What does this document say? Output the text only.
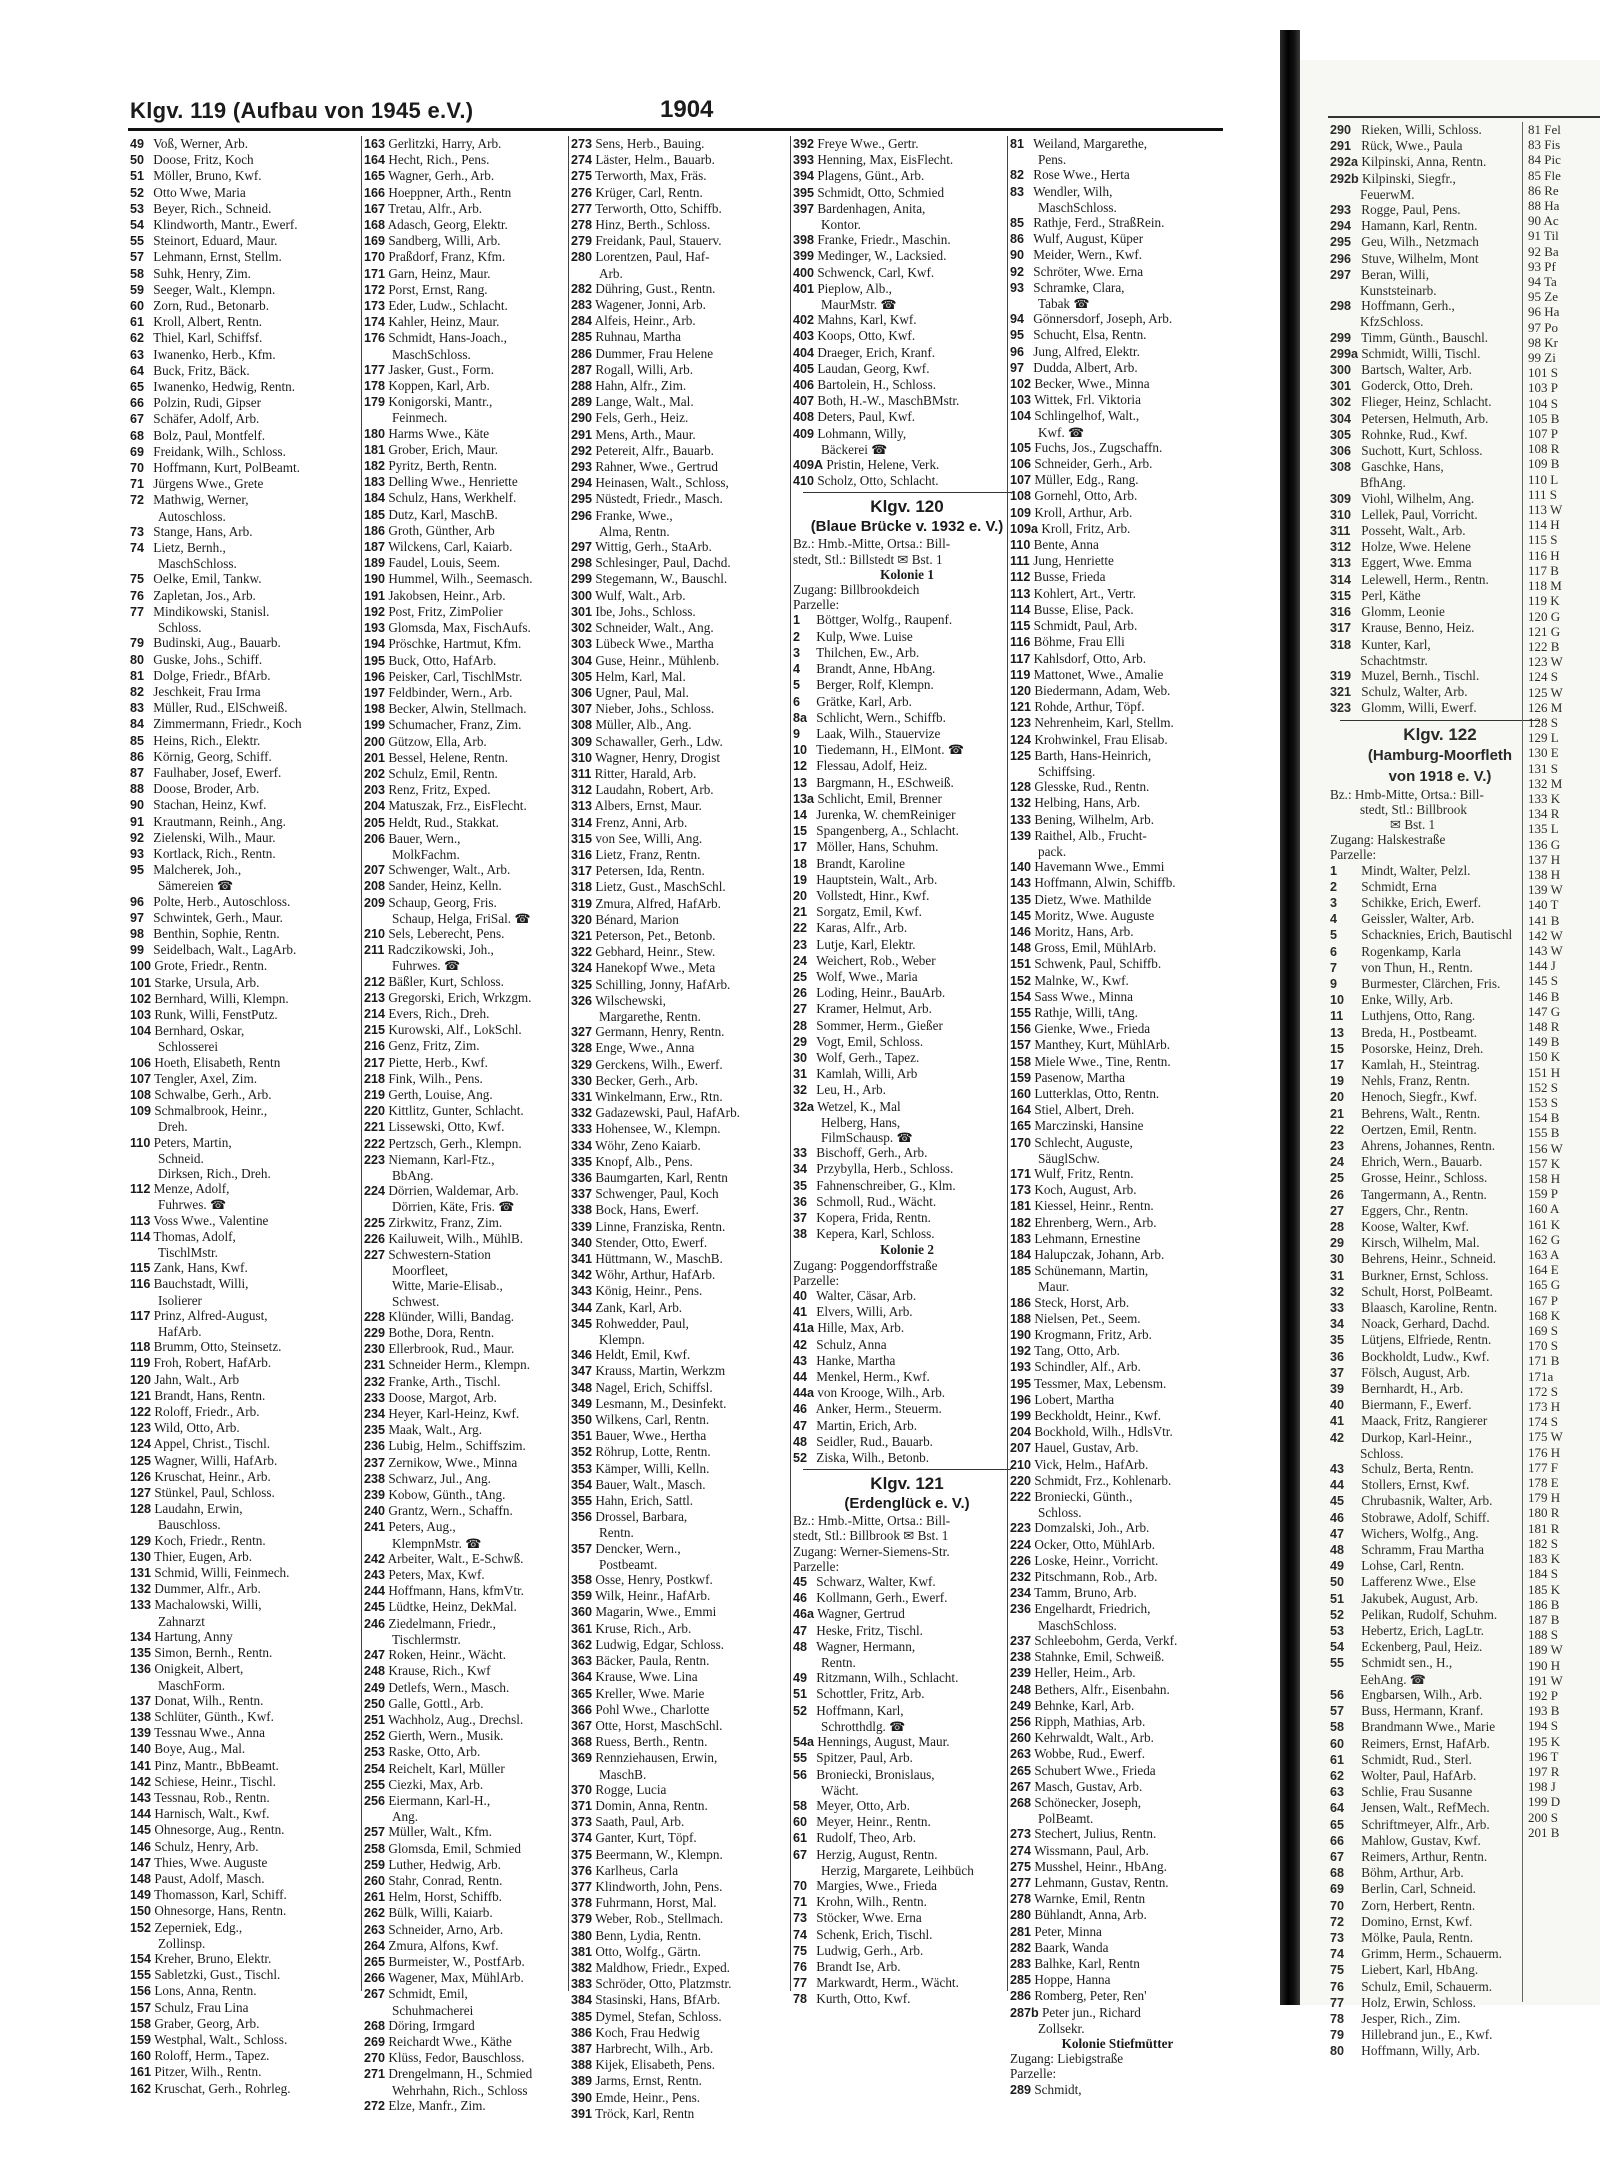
Klgv. 119 (Aufbau von 1945 e.V.)	1904
49 Voß, Werner, Arb.
50 Doose, Fritz, Koch
51 Möller, Bruno, Kwf.
52 Otto Wwe, Maria
53 Beyer, Rich., Schneid.
54 Klindworth, Mantr., Ewerf.
55 Steinort, Eduard, Maur.
57 Lehmann, Ernst, Stellm.
58 Suhk, Henry, Zim.
59 Seeger, Walt., Klempn.
60 Zorn, Rud., Betonarb.
61 Kroll, Albert, Rentn.
62 Thiel, Karl, Schiffsf.
63 Iwanenko, Herb., Kfm.
64 Buck, Fritz, Bäck.
65 Iwanenko, Hedwig, Rentn.
66 Polzin, Rudi, Gipser
67 Schäfer, Adolf, Arb.
68 Bolz, Paul, Montfelf.
69 Freidank, Wilh., Schloss.
70 Hoffmann, Kurt, PolBeamt.
71 Jürgens Wwe., Grete
72 Mathwig, Werner,
Autoschloss.
73 Stange, Hans, Arb.
74 Lietz, Bernh.,
MaschSchloss.
75 Oelke, Emil, Tankw.
76 Zapletan, Jos., Arb.
77 Mindikowski, Stanisl.
Schloss.
79 Budinski, Aug., Bauarb.
80 Guske, Johs., Schiff.
81 Dolge, Friedr., BfArb.
82 Jeschkeit, Frau Irma
83 Müller, Rud., ElSchweiß.
84 Zimmermann, Friedr., Koch
85 Heins, Rich., Elektr.
86 Körnig, Georg, Schiff.
87 Faulhaber, Josef, Ewerf.
88 Doose, Broder, Arb.
90 Stachan, Heinz, Kwf.
91 Krautmann, Reinh., Ang.
92 Zielenski, Wilh., Maur.
93 Kortlack, Rich., Rentn.
95 Malcherek, Joh.,
Sämereien ☎
96 Polte, Herb., Autoschloss.
97 Schwintek, Gerh., Maur.
98 Benthin, Sophie, Rentn.
99 Seidelbach, Walt., LagArb.
100 Grote, Friedr., Rentn.
101 Starke, Ursula, Arb.
102 Bernhard, Willi, Klempn.
103 Runk, Willi, FenstPutz.
104 Bernhard, Oskar,
Schlosserei
106 Hoeth, Elisabeth, Rentn
107 Tengler, Axel, Zim.
108 Schwalbe, Gerh., Arb.
109 Schmalbrook, Heinr.,
Dreh.
110 Peters, Martin,
Schneid.
Dirksen, Rich., Dreh.
112 Menze, Adolf,
Fuhrwes. ☎
113 Voss Wwe., Valentine
114 Thomas, Adolf,
TischlMstr.
115 Zank, Hans, Kwf.
116 Bauchstadt, Willi,
Isolierer
117 Prinz, Alfred-August,
HafArb.
118 Brumm, Otto, Steinsetz.
119 Froh, Robert, HafArb.
120 Jahn, Walt., Arb
121 Brandt, Hans, Rentn.
122 Roloff, Friedr., Arb.
123 Wild, Otto, Arb.
124 Appel, Christ., Tischl.
125 Wagner, Willi, HafArb.
126 Kruschat, Heinr., Arb.
127 Stünkel, Paul, Schloss.
128 Laudahn, Erwin,
Bauschloss.
129 Koch, Friedr., Rentn.
130 Thier, Eugen, Arb.
131 Schmid, Willi, Feinmech.
132 Dummer, Alfr., Arb.
133 Machalowski, Willi,
Zahnarzt
134 Hartung, Anny
135 Simon, Bernh., Rentn.
136 Onigkeit, Albert,
MaschForm.
137 Donat, Wilh., Rentn.
138 Schlüter, Günth., Kwf.
139 Tessnau Wwe., Anna
140 Boye, Aug., Mal.
141 Pinz, Mantr., BbBeamt.
142 Schiese, Heinr., Tischl.
143 Tessnau, Rob., Rentn.
144 Harnisch, Walt., Kwf.
145 Ohnesorge, Aug., Rentn.
146 Schulz, Henry, Arb.
147 Thies, Wwe. Auguste
148 Paust, Adolf, Masch.
149 Thomasson, Karl, Schiff.
150 Ohnesorge, Hans, Rentn.
152 Zeperniek, Edg.,
Zollinsp.
154 Kreher, Bruno, Elektr.
155 Sabletzki, Gust., Tischl.
156 Lons, Anna, Rentn.
157 Schulz, Frau Lina
158 Graber, Georg, Arb.
159 Westphal, Walt., Schloss.
160 Roloff, Herm., Tapez.
161 Pitzer, Wilh., Rentn.
162 Kruschat, Gerh., Rohrleg.
163 Gerlitzki, Harry, Arb.
164 Hecht, Rich., Pens.
165 Wagner, Gerh., Arb.
166 Hoeppner, Arth., Rentn
167 Tretau, Alfr., Arb.
168 Adasch, Georg, Elektr.
169 Sandberg, Willi, Arb.
170 Praßdorf, Franz, Kfm.
171 Garn, Heinz, Maur.
172 Porst, Ernst, Rang.
173 Eder, Ludw., Schlacht.
174 Kahler, Heinz, Maur.
176 Schmidt, Hans-Joach.,
MaschSchloss.
177 Jasker, Gust., Form.
178 Koppen, Karl, Arb.
179 Konigorski, Mantr.,
Feinmech.
180 Harms Wwe., Käte
181 Grober, Erich, Maur.
182 Pyritz, Berth, Rentn.
183 Delling Wwe., Henriette
184 Schulz, Hans, Werkhelf.
185 Dutz, Karl, MaschB.
186 Groth, Günther, Arb
187 Wilckens, Carl, Kaiarb.
189 Faudel, Louis, Seem.
190 Hummel, Wilh., Seemasch.
191 Jakobsen, Heinr., Arb.
192 Post, Fritz, ZimPolier
193 Glomsda, Max, FischAufs.
194 Pröschke, Hartmut, Kfm.
195 Buck, Otto, HafArb.
196 Peisker, Carl, TischlMstr.
197 Feldbinder, Wern., Arb.
198 Becker, Alwin, Stellmach.
199 Schumacher, Franz, Zim.
200 Gützow, Ella, Arb.
201 Bessel, Helene, Rentn.
202 Schulz, Emil, Rentn.
203 Renz, Fritz, Exped.
204 Matuszak, Frz., EisFlecht.
205 Heldt, Rud., Stakkat.
206 Bauer, Wern.,
MolkFachm.
207 Schwenger, Walt., Arb.
208 Sander, Heinz, Kelln.
209 Schaup, Georg, Fris.
Schaup, Helga, FriSal. ☎
210 Sels, Leberecht, Pens.
211 Radczikowski, Joh.,
Fuhrwes. ☎
212 Bäßler, Kurt, Schloss.
213 Gregorski, Erich, Wrkzgm.
214 Evers, Rich., Dreh.
215 Kurowski, Alf., LokSchl.
216 Genz, Fritz, Zim.
217 Piette, Herb., Kwf.
218 Fink, Wilh., Pens.
219 Gerth, Louise, Ang.
220 Kittlitz, Gunter, Schlacht.
221 Lissewski, Otto, Kwf.
222 Pertzsch, Gerh., Klempn.
223 Niemann, Karl-Ftz.,
BbAng.
224 Dörrien, Waldemar, Arb.
Dörrien, Käte, Fris. ☎
225 Zirkwitz, Franz, Zim.
226 Kailuweit, Wilh., MühlB.
227 Schwestern-Station
Moorfleet,
Witte, Marie-Elisab.,
Schwest.
228 Klünder, Willi, Bandag.
229 Bothe, Dora, Rentn.
230 Ellerbrook, Rud., Maur.
231 Schneider Herm., Klempn.
232 Franke, Arth., Tischl.
233 Doose, Margot, Arb.
234 Heyer, Karl-Heinz, Kwf.
235 Maak, Walt., Arg.
236 Lubig, Helm., Schiffszim.
237 Zernikow, Wwe., Minna
238 Schwarz, Jul., Ang.
239 Kobow, Günth., tAng.
240 Grantz, Wern., Schaffn.
241 Peters, Aug.,
KlempnMstr. ☎
242 Arbeiter, Walt., E-Schwß.
243 Peters, Max, Kwf.
244 Hoffmann, Hans, kfmVtr.
245 Lüdtke, Heinz, DekMal.
246 Ziedelmann, Friedr.,
Tischlermstr.
247 Roken, Heinr., Wächt.
248 Krause, Rich., Kwf
249 Detlefs, Wern., Masch.
250 Galle, Gottl., Arb.
251 Wachholz, Aug., Drechsl.
252 Gierth, Wern., Musik.
253 Raske, Otto, Arb.
254 Reichelt, Karl, Müller
255 Ciezki, Max, Arb.
256 Eiermann, Karl-H.,
Ang.
257 Müller, Walt., Kfm.
258 Glomsda, Emil, Schmied
259 Luther, Hedwig, Arb.
260 Stahr, Conrad, Rentn.
261 Helm, Horst, Schiffb.
262 Bülk, Willi, Kaiarb.
263 Schneider, Arno, Arb.
264 Zmura, Alfons, Kwf.
265 Burmeister, W., PostfArb.
266 Wagener, Max, MühlArb.
267 Schmidt, Emil,
Schuhmacherei
268 Döring, Irmgard
269 Reichardt Wwe., Käthe
270 Klüss, Fedor, Bauschloss.
271 Drengelmann, H., Schmied
Wehrhahn, Rich., Schloss
272 Elze, Manfr., Zim.
273 Sens, Herb., Bauing.
274 Läster, Helm., Bauarb.
275 Terworth, Max, Fräs.
276 Krüger, Carl, Rentn.
277 Terworth, Otto, Schiffb.
278 Hinz, Berth., Schloss.
279 Freidank, Paul, Stauerv.
280 Lorentzen, Paul, Haf-
Arb.
282 Dühring, Gust., Rentn.
283 Wagener, Jonni, Arb.
284 Alfeis, Heinr., Arb.
285 Ruhnau, Martha
286 Dummer, Frau Helene
287 Rogall, Willi, Arb.
288 Hahn, Alfr., Zim.
289 Lange, Walt., Mal.
290 Fels, Gerh., Heiz.
291 Mens, Arth., Maur.
292 Petereit, Alfr., Bauarb.
293 Rahner, Wwe., Gertrud
294 Heinasen, Walt., Schloss,
295 Nüstedt, Friedr., Masch.
296 Franke, Wwe.,
Alma, Rentn.
297 Wittig, Gerh., StaArb.
298 Schlesinger, Paul, Dachd.
299 Stegemann, W., Bauschl.
300 Wulf, Walt., Arb.
301 Ibe, Johs., Schloss.
302 Schneider, Walt., Ang.
303 Lübeck Wwe., Martha
304 Guse, Heinr., Mühlenb.
305 Helm, Karl, Mal.
306 Ugner, Paul, Mal.
307 Nieber, Johs., Schloss.
308 Müller, Alb., Ang.
309 Schawaller, Gerh., Ldw.
310 Wagner, Henry, Drogist
311 Ritter, Harald, Arb.
312 Laudahn, Robert, Arb.
313 Albers, Ernst, Maur.
314 Frenz, Anni, Arb.
315 von See, Willi, Ang.
316 Lietz, Franz, Rentn.
317 Petersen, Ida, Rentn.
318 Lietz, Gust., MaschSchl.
319 Zmura, Alfred, HafArb.
320 Bénard, Marion
321 Peterson, Pet., Betonb.
322 Gebhard, Heinr., Stew.
324 Hanekopf Wwe., Meta
325 Schilling, Jonny, HafArb.
326 Wilschewski,
Margarethe, Rentn.
327 Germann, Henry, Rentn.
328 Enge, Wwe., Anna
329 Gerckens, Wilh., Ewerf.
330 Becker, Gerh., Arb.
331 Winkelmann, Erw., Rtn.
332 Gadazewski, Paul, HafArb.
333 Hohensee, W., Klempn.
334 Wöhr, Zeno Kaiarb.
335 Knopf, Alb., Pens.
336 Baumgarten, Karl, Rentn
337 Schwenger, Paul, Koch
338 Bock, Hans, Ewerf.
339 Linne, Franziska, Rentn.
340 Stender, Otto, Ewerf.
341 Hüttmann, W., MaschB.
342 Wöhr, Arthur, HafArb.
343 König, Heinr., Pens.
344 Zank, Karl, Arb.
345 Rohwedder, Paul,
Klempn.
346 Heldt, Emil, Kwf.
347 Krauss, Martin, Werkzm
348 Nagel, Erich, Schiffsl.
349 Lesmann, M., Desinfekt.
350 Wilkens, Carl, Rentn.
351 Bauer, Wwe., Hertha
352 Röhrup, Lotte, Rentn.
353 Kämper, Willi, Kelln.
354 Bauer, Walt., Masch.
355 Hahn, Erich, Sattl.
356 Drossel, Barbara,
Rentn.
357 Dencker, Wern.,
Postbeamt.
358 Osse, Henry, Postkwf.
359 Wilk, Heinr., HafArb.
360 Magarin, Wwe., Emmi
361 Kruse, Rich., Arb.
362 Ludwig, Edgar, Schloss.
363 Bäcker, Paula, Rentn.
364 Krause, Wwe. Lina
365 Kreller, Wwe. Marie
366 Pohl Wwe., Charlotte
367 Otte, Horst, MaschSchl.
368 Ruess, Berth., Rentn.
369 Rennziehausen, Erwin,
MaschB.
370 Rogge, Lucia
371 Domin, Anna, Rentn.
373 Saath, Paul, Arb.
374 Ganter, Kurt, Töpf.
375 Beermann, W., Klempn.
376 Karlheus, Carla
377 Klindworth, John, Pens.
378 Fuhrmann, Horst, Mal.
379 Weber, Rob., Stellmach.
380 Benn, Lydia, Rentn.
381 Otto, Wolfg., Gärtn.
382 Maldhow, Friedr., Exped.
383 Schröder, Otto, Platzmstr.
384 Stasinski, Hans, BfArb.
385 Dymel, Stefan, Schloss.
386 Koch, Frau Hedwig
387 Harbrecht, Wilh., Arb.
388 Kijek, Elisabeth, Pens.
389 Jarms, Ernst, Rentn.
390 Emde, Heinr., Pens.
391 Tröck, Karl, Rentn
392 Freye Wwe., Gertr.
393 Henning, Max, EisFlecht.
394 Plagens, Günt., Arb.
395 Schmidt, Otto, Schmied
397 Bardenhagen, Anita,
Kontor.
398 Franke, Friedr., Maschin.
399 Medinger, W., Lacksied.
400 Schwenck, Carl, Kwf.
401 Pieplow, Alb.,
MaurMstr. ☎
402 Mahns, Karl, Kwf.
403 Koops, Otto, Kwf.
404 Draeger, Erich, Kranf.
405 Laudan, Georg, Kwf.
406 Bartolein, H., Schloss.
407 Both, H.-W., MaschBMstr.
408 Deters, Paul, Kwf.
409 Lohmann, Willy,
Bäckerei ☎
409A Pristin, Helene, Verk.
410 Scholz, Otto, Schlacht.
Klgv. 120
(Blaue Brücke v. 1932 e. V.)
Bz.: Hmb.-Mitte, Ortsa.: Bill-
stedt, Stl.: Billstedt ✉ Bst. 1
Kolonie 1
Zugang: Billbrookdeich
Parzelle:
1 Böttger, Wolfg., Raupenf.
2 Kulp, Wwe. Luise
3 Thilchen, Ew., Arb.
4 Brandt, Anne, HbAng.
5 Berger, Rolf, Klempn.
6 Grätke, Karl, Arb.
8a Schlicht, Wern., Schiffb.
9 Laak, Wilh., Stauervize
10 Tiedemann, H., ElMont. ☎
12 Flessau, Adolf, Heiz.
13 Bargmann, H., ESchweiß.
13a Schlicht, Emil, Brenner
14 Jurenka, W. chemReiniger
15 Spangenberg, A., Schlacht.
17 Möller, Hans, Schuhm.
18 Brandt, Karoline
19 Hauptstein, Walt., Arb.
20 Vollstedt, Hinr., Kwf.
21 Sorgatz, Emil, Kwf.
22 Karas, Alfr., Arb.
23 Lutje, Karl, Elektr.
24 Weichert, Rob., Weber
25 Wolf, Wwe., Maria
26 Loding, Heinr., BauArb.
27 Kramer, Helmut, Arb.
28 Sommer, Herm., Gießer
29 Vogt, Emil, Schloss.
30 Wolf, Gerh., Tapez.
31 Kamlah, Willi, Arb
32 Leu, H., Arb.
32a Wetzel, K., Mal
Helberg, Hans,
FilmSchausp. ☎
33 Bischoff, Gerh., Arb.
34 Przybylla, Herb., Schloss.
35 Fahnenschreiber, G., Klm.
36 Schmoll, Rud., Wächt.
37 Kopera, Frida, Rentn.
38 Kepera, Karl, Schloss.
Kolonie 2
Zugang: Poggendorffstraße
Parzelle:
40 Walter, Cäsar, Arb.
41 Elvers, Willi, Arb.
41a Hille, Max, Arb.
42 Schulz, Anna
43 Hanke, Martha
44 Menkel, Herm., Kwf.
44a von Krooge, Wilh., Arb.
46 Anker, Herm., Steuerm.
47 Martin, Erich, Arb.
48 Seidler, Rud., Bauarb.
52 Ziska, Wilh., Betonb.
Klgv. 121
(Erdenglück e. V.)
Bz.: Hmb.-Mitte, Ortsa.: Bill-
stedt, Stl.: Billbrook ✉ Bst. 1
Zugang: Werner-Siemens-Str.
Parzelle:
45 Schwarz, Walter, Kwf.
46 Kollmann, Gerh., Ewerf.
46a Wagner, Gertrud
47 Heske, Fritz, Tischl.
48 Wagner, Hermann,
Rentn.
49 Ritzmann, Wilh., Schlacht.
51 Schottler, Fritz, Arb.
52 Hoffmann, Karl,
Schrotthdlg. ☎
54a Hennings, August, Maur.
55 Spitzer, Paul, Arb.
56 Broniecki, Bronislaus,
Wächt.
58 Meyer, Otto, Arb.
60 Meyer, Heinr., Rentn.
61 Rudolf, Theo, Arb.
67 Herzig, August, Rentn.
Herzig, Margarete, Leihbüch
70 Margies, Wwe., Frieda
71 Krohn, Wilh., Rentn.
73 Stöcker, Wwe. Erna
74 Schenk, Erich, Tischl.
75 Ludwig, Gerh., Arb.
76 Brandt Ise, Arb.
77 Markwardt, Herm., Wächt.
78 Kurth, Otto, Kwf.
81 Weiland, Margarethe,
Pens.
82 Rose Wwe., Herta
83 Wendler, Wilh,
MaschSchloss.
85 Rathje, Ferd., StraßRein.
86 Wulf, August, Küper
90 Meider, Wern., Kwf.
92 Schröter, Wwe. Erna
93 Schramke, Clara,
Tabak ☎
94 Gönnersdorf, Joseph, Arb.
95 Schucht, Elsa, Rentn.
96 Jung, Alfred, Elektr.
97 Dudda, Albert, Arb.
102 Becker, Wwe., Minna
103 Wittek, Frl. Viktoria
104 Schlingelhof, Walt.,
Kwf. ☎
105 Fuchs, Jos., Zugschaffn.
106 Schneider, Gerh., Arb.
107 Müller, Edg., Rang.
108 Gornehl, Otto, Arb.
109 Kroll, Arthur, Arb.
109a Kroll, Fritz, Arb.
110 Bente, Anna
111 Jung, Henriette
112 Busse, Frieda
113 Kohlert, Art., Vertr.
114 Busse, Elise, Pack.
115 Schmidt, Paul, Arb.
116 Böhme, Frau Elli
117 Kahlsdorf, Otto, Arb.
119 Mattonet, Wwe., Amalie
120 Biedermann, Adam, Web.
121 Rohde, Arthur, Töpf.
123 Nehrenheim, Karl, Stellm.
124 Krohwinkel, Frau Elisab.
125 Barth, Hans-Heinrich,
Schiffsing.
128 Glesske, Rud., Rentn.
132 Helbing, Hans, Arb.
133 Bening, Wilhelm, Arb.
139 Raithel, Alb., Frucht-
pack.
140 Havemann Wwe., Emmi
143 Hoffmann, Alwin, Schiffb.
135 Dietz, Wwe. Mathilde
145 Moritz, Wwe. Auguste
146 Moritz, Hans, Arb.
148 Gross, Emil, MühlArb.
151 Schwenk, Paul, Schiffb.
152 Malnke, W., Kwf.
154 Sass Wwe., Minna
155 Rathje, Willi, tAng.
156 Gienke, Wwe., Frieda
157 Manthey, Kurt, MühlArb.
158 Miele Wwe., Tine, Rentn.
159 Pasenow, Martha
160 Lutterklas, Otto, Rentn.
164 Stiel, Albert, Dreh.
165 Marczinski, Hansine
170 Schlecht, Auguste,
SäuglSchw.
171 Wulf, Fritz, Rentn.
173 Koch, August, Arb.
181 Kiessel, Heinr., Rentn.
182 Ehrenberg, Wern., Arb.
183 Lehmann, Ernestine
184 Halupczak, Johann, Arb.
185 Schünemann, Martin,
Maur.
186 Steck, Horst, Arb.
188 Nielsen, Pet., Seem.
190 Krogmann, Fritz, Arb.
192 Tang, Otto, Arb.
193 Schindler, Alf., Arb.
195 Tessmer, Max, Lebensm.
196 Lobert, Martha
199 Beckholdt, Heinr., Kwf.
204 Bockhold, Wilh., HdlsVtr.
207 Hauel, Gustav, Arb.
210 Vick, Helm., HafArb.
220 Schmidt, Frz., Kohlenarb.
222 Broniecki, Günth.,
Schloss.
223 Domzalski, Joh., Arb.
224 Ocker, Otto, MühlArb.
226 Loske, Heinr., Vorricht.
232 Pitschmann, Rob., Arb.
234 Tamm, Bruno, Arb.
236 Engelhardt, Friedrich,
MaschSchloss.
237 Schleebohm, Gerda, Verkf.
238 Stahnke, Emil, Schweiß.
239 Heller, Heim., Arb.
248 Bethers, Alfr., Eisenbahn.
249 Behnke, Karl, Arb.
256 Ripph, Mathias, Arb.
260 Kehrwaldt, Walt., Arb.
263 Wobbe, Rud., Ewerf.
265 Schubert Wwe., Frieda
267 Masch, Gustav, Arb.
268 Schönecker, Joseph,
PolBeamt.
273 Stechert, Julius, Rentn.
274 Wissmann, Paul, Arb.
275 Musshel, Heinr., HbAng.
277 Lehmann, Gustav, Rentn.
278 Warnke, Emil, Rentn
280 Bühlandt, Anna, Arb.
281 Peter, Minna
282 Baark, Wanda
283 Balhke, Karl, Rentn
285 Hoppe, Hanna
286 Romberg, Peter, Ren'
287b Peter jun., Richard
Zollsekr.
Kolonie Stiefmütter
Zugang: Liebigstraße
Parzelle:
289 Schmidt,
290 Rieken, Willi, Schloss.
291 Rück, Wwe., Paula
292a Kilpinski, Anna, Rentn.
292b Kilpinski, Siegfr.,
FeuerwM.
293 Rogge, Paul, Pens.
294 Hamann, Karl, Rentn.
295 Geu, Wilh., Netzmach
296 Stuve, Wilhelm, Mont
297 Beran, Willi,
Kunststeinarb.
298 Hoffmann, Gerh.,
KfzSchloss.
299 Timm, Günth., Bauschl.
299a Schmidt, Willi, Tischl.
300 Bartsch, Walter, Arb.
301 Goderck, Otto, Dreh.
302 Flieger, Heinz, Schlacht.
304 Petersen, Helmuth, Arb.
305 Rohnke, Rud., Kwf.
306 Suchott, Kurt, Schloss.
308 Gaschke, Hans,
BfhAng.
309 Viohl, Wilhelm, Ang.
310 Lellek, Paul, Vorricht.
311 Posseht, Walt., Arb.
312 Holze, Wwe. Helene
313 Eggert, Wwe. Emma
314 Lelewell, Herm., Rentn.
315 Perl, Käthe
316 Glomm, Leonie
317 Krause, Benno, Heiz.
318 Kunter, Karl,
Schachtmstr.
319 Muzel, Bernh., Tischl.
321 Schulz, Walter, Arb.
323 Glomm, Willi, Ewerf.
Klgv. 122
(Hamburg-Moorfleth
von 1918 e. V.)
Bz.: Hmb-Mitte, Ortsa.: Bill-
stedt, Stl.: Billbrook
✉ Bst. 1
Zugang: Halskestraße
Parzelle:
1 Mindt, Walter, Pelzl.
2 Schmidt, Erna
3 Schikke, Erich, Ewerf.
4 Geissler, Walter, Arb.
5 Schacknies, Erich, Bautischl
6 Rogenkamp, Karla
7 von Thun, H., Rentn.
9 Burmester, Clärchen, Fris.
10 Enke, Willy, Arb.
11 Luthjens, Otto, Rang.
13 Breda, H., Postbeamt.
15 Posorske, Heinz, Dreh.
17 Kamlah, H., Steintrag.
19 Nehls, Franz, Rentn.
20 Henoch, Siegfr., Kwf.
21 Behrens, Walt., Rentn.
22 Oertzen, Emil, Rentn.
23 Ahrens, Johannes, Rentn.
24 Ehrich, Wern., Bauarb.
25 Grosse, Heinr., Schloss.
26 Tangermann, A., Rentn.
27 Eggers, Chr., Rentn.
28 Koose, Walter, Kwf.
29 Kirsch, Wilhelm, Mal.
30 Behrens, Heinr., Schneid.
31 Burkner, Ernst, Schloss.
32 Schult, Horst, PolBeamt.
33 Blaasch, Karoline, Rentn.
34 Noack, Gerhard, Dachd.
35 Lütjens, Elfriede, Rentn.
36 Bockholdt, Ludw., Kwf.
37 Fölsch, August, Arb.
39 Bernhardt, H., Arb.
40 Biermann, F., Ewerf.
41 Maack, Fritz, Rangierer
42 Durkop, Karl-Heinr.,
Schloss.
43 Schulz, Berta, Rentn.
44 Stollers, Ernst, Kwf.
45 Chrubasnik, Walter, Arb.
46 Stobrawe, Adolf, Schiff.
47 Wichers, Wolfg., Ang.
48 Schramm, Frau Martha
49 Lohse, Carl, Rentn.
50 Lafferenz Wwe., Else
51 Jakubek, August, Arb.
52 Pelikan, Rudolf, Schuhm.
53 Hebertz, Erich, LagLtr.
54 Eckenberg, Paul, Heiz.
55 Schmidt sen., H.,
EehAng. ☎
56 Engbarsen, Wilh., Arb.
57 Buss, Hermann, Kranf.
58 Brandmann Wwe., Marie
60 Reimers, Ernst, HafArb.
61 Schmidt, Rud., Sterl.
62 Wolter, Paul, HafArb.
63 Schlie, Frau Susanne
64 Jensen, Walt., RefMech.
65 Schriftmeyer, Alfr., Arb.
66 Mahlow, Gustav, Kwf.
67 Reimers, Arthur, Rentn.
68 Böhm, Arthur, Arb.
69 Berlin, Carl, Schneid.
70 Zorn, Herbert, Rentn.
72 Domino, Ernst, Kwf.
73 Mölke, Paula, Rentn.
74 Grimm, Herm., Schauerm.
75 Liebert, Karl, HbAng.
76 Schulz, Emil, Schauerm.
77 Holz, Erwin, Schloss.
78 Jesper, Rich., Zim.
79 Hillebrand jun., E., Kwf.
80 Hoffmann, Willy, Arb.
81 Fel
83 Fis
84 Pic
85 Fle
86 Re
88 Ha
90 Ac
91 Til
92 Ba
93 Pf
94 Ta
95 Ze
96 Ha
97 Po
98 Kr
99 Zi
101 S
103 P
104 S
105 B
107 P
108 R
109 B
110 L
111 S
113 W
114 H
115 S
116 H
117 B
118 M
119 K
120 G
121 G
122 B
123 W
124 S
125 W
126 M
128 S
129 L
130 E
131 S
132 M
133 K
134 R
135 L
136 G
137 H
138 H
139 W
140 T
141 B
142 W
143 W
144 J
145 S
146 B
147 G
148 R
149 B
150 K
151 H
152 S
153 S
154 B
155 B
156 W
157 K
158 H
159 P
160 A
161 K
162 G
163 A
164 E
165 G
167 P
168 K
169 S
170 S
171 B
171a
172 S
173 H
174 S
175 W
176 H
177 F
178 E
179 H
180 R
181 R
182 S
183 K
184 S
185 K
186 B
187 B
188 S
189 W
190 H
191 W
192 P
193 B
194 S
195 K
196 T
197 R
198 J
199 D
200 S
201 B
